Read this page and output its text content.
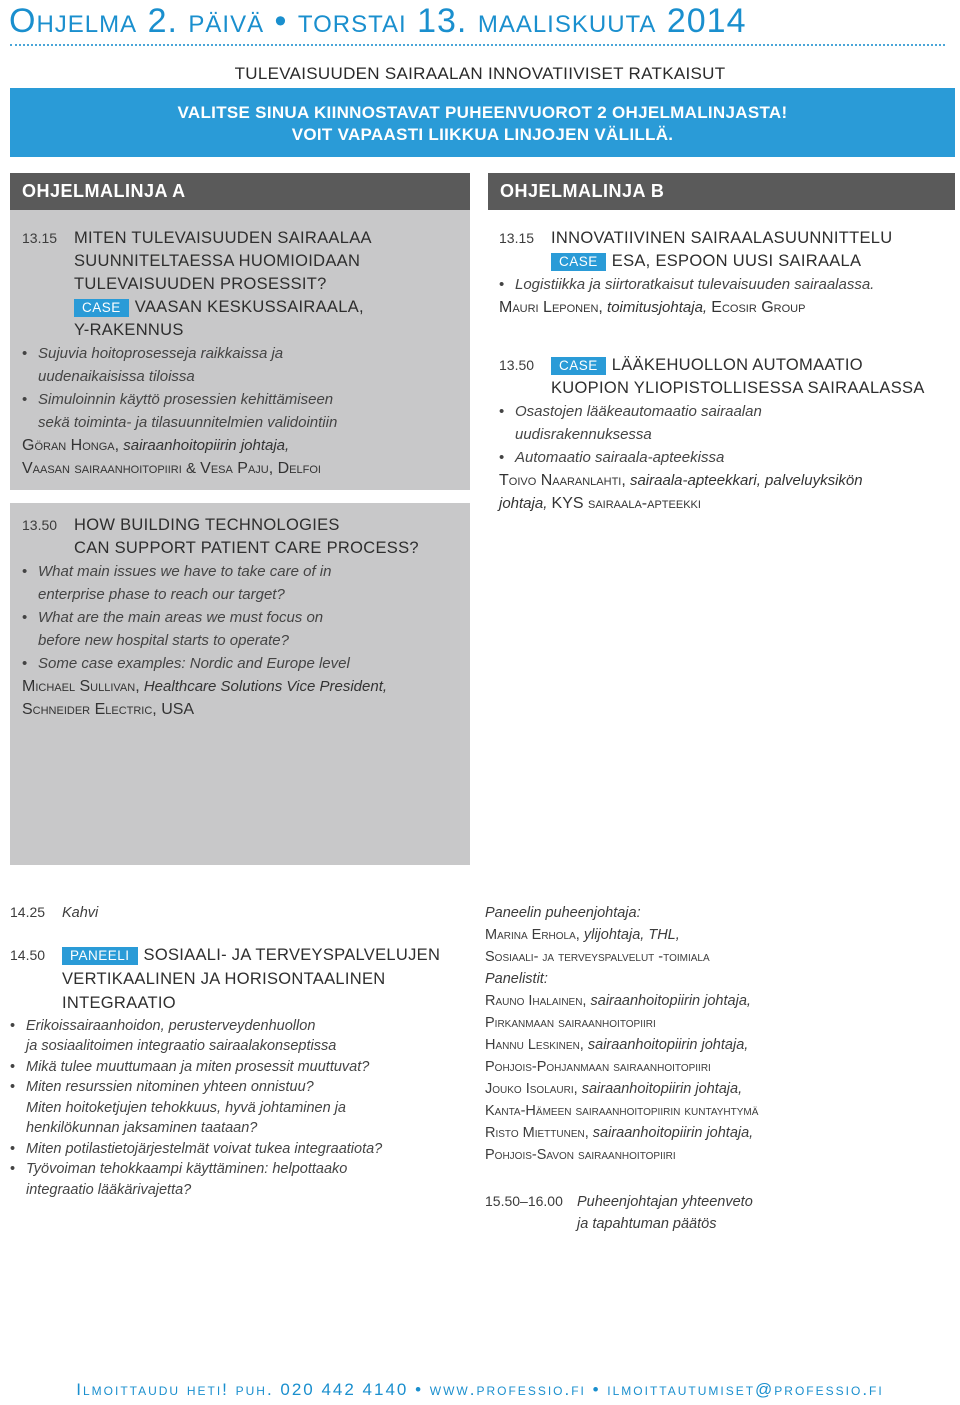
Ohjelma 2. päivä • torstai 13. maaliskuuta 2014
TULEVAISUUDEN SAIRAALAN INNOVATIIVISET RATKAISUT
VALITSE SINUA KIINNOSTAVAT PUHEENVUOROT 2 OHJELMALINJASTA!
VOIT VAPAASTI LIIKKUA LINJOJEN VÄLILLÄ.
OHJELMALINJA A
13.15 MITEN TULEVAISUUDEN SAIRAALAA
SUUNNITELTAESSA HUOMIOIDAAN
TULEVAISUUDEN PROSESSIT?
CASE VAASAN KESKUSSAIRAALA,
Y-RAKENNUS
• Sujuvia hoitoprosesseja raikkaissa ja
uudenaikaisissa tiloissa
• Simuloinnin käyttö prosessien kehittämiseen
sekä toiminta- ja tilasuunnitelmien validointiin
Göran Honga, sairaanhoitopiirin johtaja,
Vaasan sairaanhoitopiiri & Vesa Paju, Delfoi
13.50 HOW BUILDING TECHNOLOGIES
CAN SUPPORT PATIENT CARE PROCESS?
• What main issues we have to take care of in
enterprise phase to reach our target?
• What are the main areas we must focus on
before new hospital starts to operate?
• Some case examples: Nordic and Europe level
Michael Sullivan, Healthcare Solutions Vice President,
Schneider Electric, USA
OHJELMALINJA B
13.15 INNOVATIIVINEN SAIRAALASUUNNITTELU
CASE ESA, ESPOON UUSI SAIRAALA
• Logistiikka ja siirtoratkaisut tulevaisuuden sairaalassa.
Mauri Leponen, toimitusjohtaja, Ecosir Group
13.50 CASE LÄÄKEHUOLLON AUTOMAATIO
KUOPION YLIOPISTOLLISESSA SAIRAALASSA
• Osastojen lääkeautomaatio sairaalan
uudisrakennuksessa
• Automaatio sairaala-apteekissa
Toivo Naaranlahti, sairaala-apteekkari, palveluyksikön
johtaja, KYS sairaala-apteekki
14.25 Kahvi
14.50 PANEELI SOSIAALI- JA TERVEYSPALVELUJEN
VERTIKAALINEN JA HORISONTAALINEN
INTEGRAATIO
• Erikoissairaanhoidon, perusterveydenhuollon
ja sosiaalitoimen integraatio sairaalakonseptissa
• Mikä tulee muuttumaan ja miten prosessit muuttuvat?
• Miten resurssien nitominen yhteen onnistuu?
Miten hoitoketjujen tehokkuus, hyvä johtaminen ja
henkilökunnan jaksaminen taataan?
• Miten potilastietojärjestelmät voivat tukea integraatiota?
• Työvoiman tehokkaampi käyttäminen: helpottaako
integraatio lääkärivajetta?
Paneelin puheenjohtaja:
Marina Erhola, ylijohtaja, THL,
Sosiaali- ja terveyspalvelut -toimiala
Panelistit:
Rauno Ihalainen, sairaanhoitopiirin johtaja,
Pirkanmaan sairaanhoitopiiri
Hannu Leskinen, sairaanhoitopiirin johtaja,
Pohjois-Pohjanmaan sairaanhoitopiiri
Jouko Isolauri, sairaanhoitopiirin johtaja,
Kanta-Hämeen sairaanhoitopiirin kuntayhtymä
Risto Miettunen, sairaanhoitopiirin johtaja,
Pohjois-Savon sairaanhoitopiiri
15.50–16.00 Puheenjohtajan yhteenveto
ja tapahtuman päätös
Ilmoittaudu heti! puh. 020 442 4140 • www.professio.fi • ilmoittautumiset@professio.fi
